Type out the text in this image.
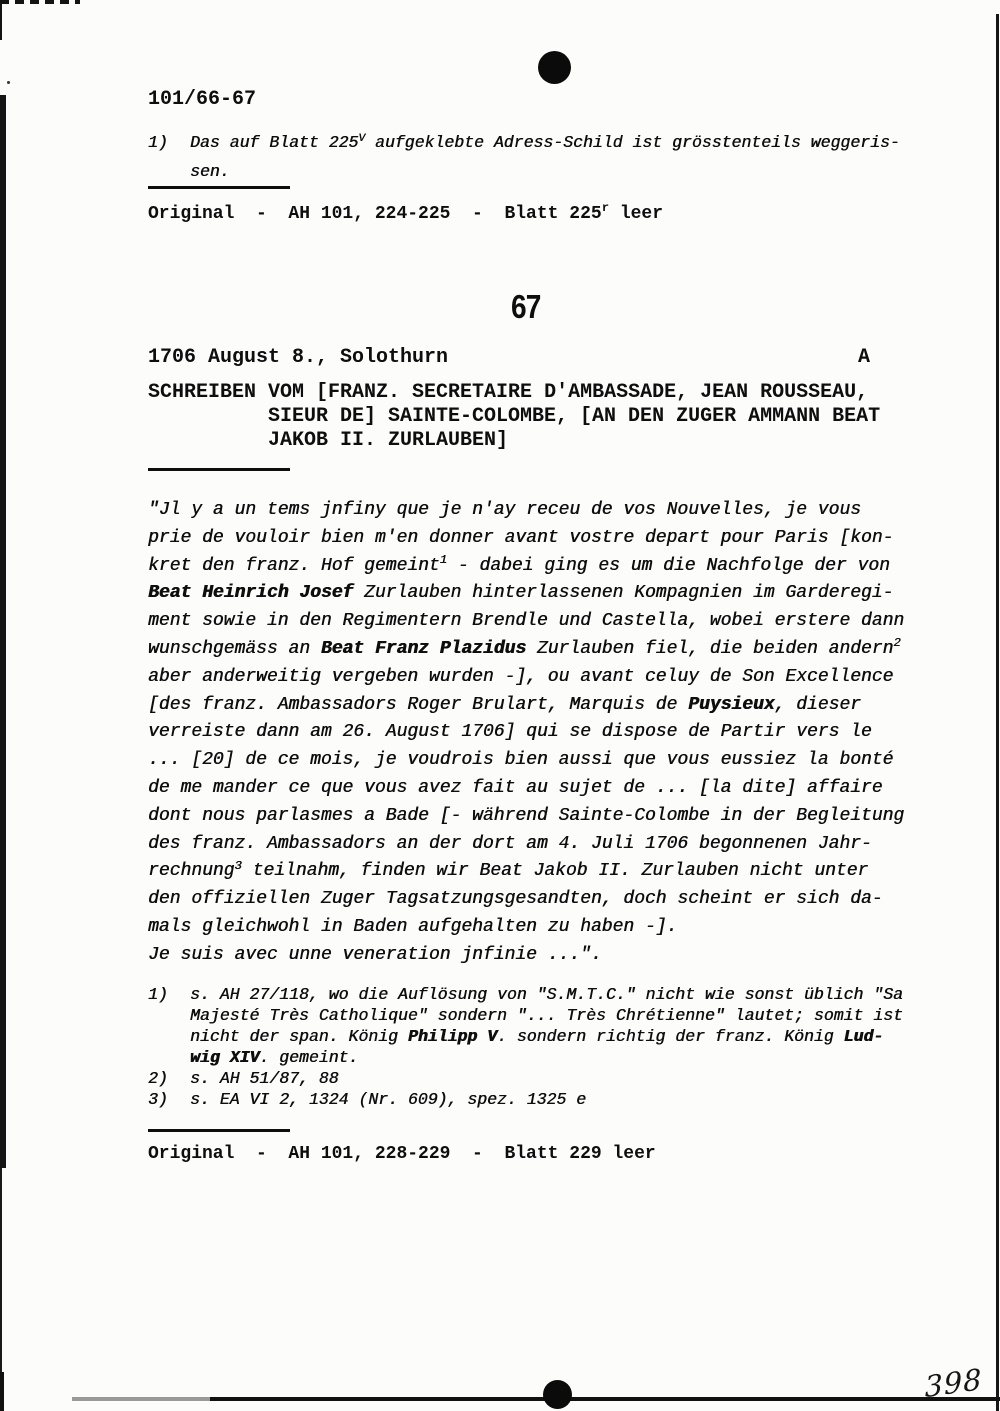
398
101/66-67
1) Das auf Blatt $225^V$ aufgeklebte Adress-Schild ist grösstenteils weggeris-
sen.
Original  -  AH 101, 224-225  -  Blatt 225$^r$ leer
67
1706 August 8., Solothurn	A
SCHREIBEN VOM [FRANZ. SECRETAIRE D'AMBASSADE, JEAN ROUSSEAU,
SIEUR DE] SAINTE-COLOMBE, [AN DEN ZUGER AMMANN BEAT
JAKOB II. ZURLAUBEN]
"Jl y a un tems jnfiny que je n'ay receu de vos Nouvelles, je vous
prie de vouloir bien m'en donner avant vostre depart pour Paris [kon-
kret den franz. Hof gemeint$^1$ - dabei ging es um die Nachfolge der von
Beat Heinrich Josef Zurlauben hinterlassenen Kompagnien im Garderegi-
ment sowie in den Regimentern Brendle und Castella, wobei erstere dann
wunschgemäss an Beat Franz Plazidus Zurlauben fiel, die beiden andern$^2$
aber anderweitig vergeben wurden -], ou avant celuy de Son Excellence
[des franz. Ambassadors Roger Brulart, Marquis de Puysieux, dieser
verreiste dann am 26. August 1706] qui se dispose de Partir vers le
... [20] de ce mois, je voudrois bien aussi que vous eussiez la bonté
de me mander ce que vous avez fait au sujet de ... [la dite] affaire
dont nous parlasmes a Bade [- während Sainte-Colombe in der Begleitung
des franz. Ambassadors an der dort am 4. Juli 1706 begonnenen Jahr-
rechnung$^3$ teilnahm, finden wir Beat Jakob II. Zurlauben nicht unter
den offiziellen Zuger Tagsatzungsgesandten, doch scheint er sich da-
mals gleichwohl in Baden aufgehalten zu haben -].
Je suis avec unne veneration jnfinie ...".
1) s. AH 27/118, wo die Auflösung von "S.M.T.C." nicht wie sonst üblich "Sa
Majesté Très Catholique" sondern "... Très Chrétienne" lautet; somit ist
nicht der span. König Philipp V. sondern richtig der franz. König Lud-
wig XIV. gemeint.
2) s. AH 51/87, 88
3) s. EA VI 2, 1324 (Nr. 609), spez. 1325 e
Original  -  AH 101, 228-229  -  Blatt 229 leer
